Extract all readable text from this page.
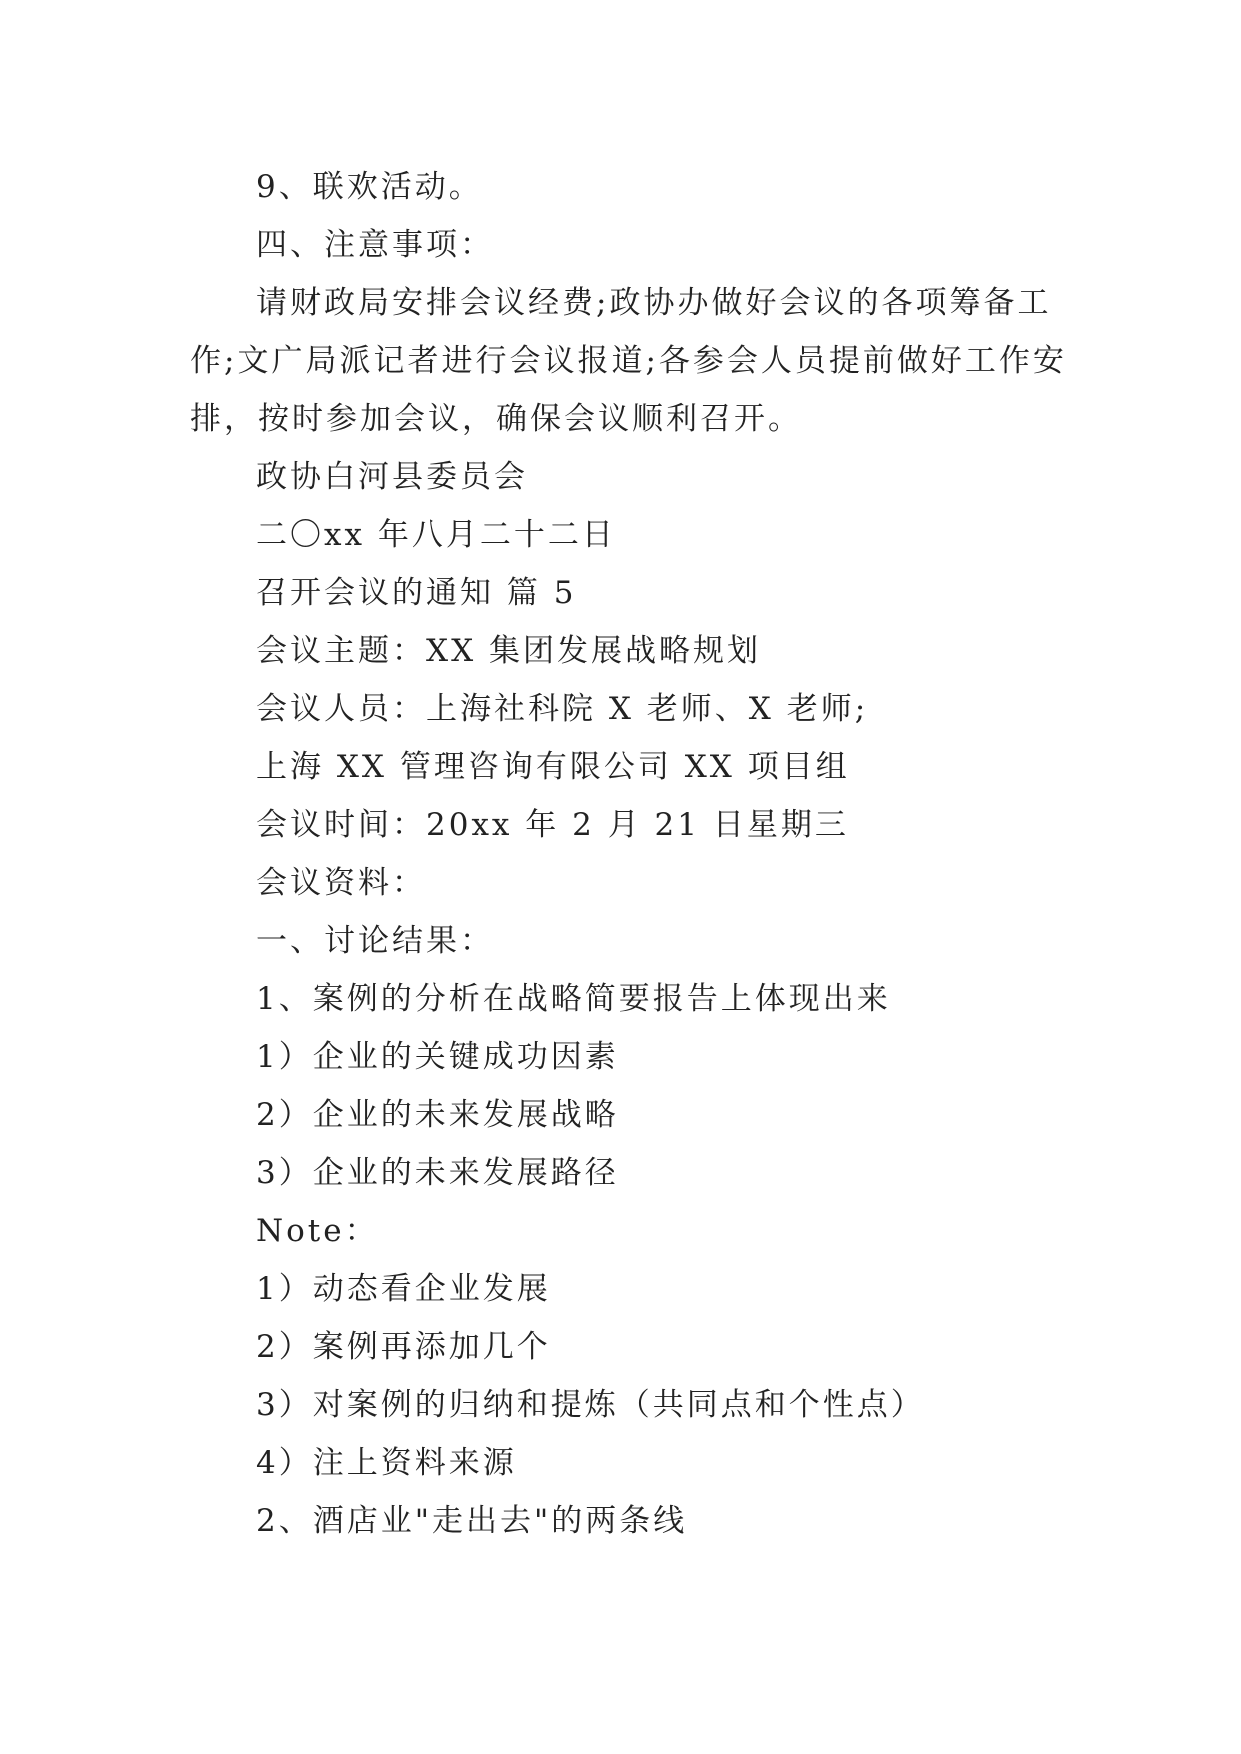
9、联欢活动。
四、注意事项：
请财政局安排会议经费;政协办做好会议的各项筹备工
作;文广局派记者进行会议报道;各参会人员提前做好工作安
排，按时参加会议，确保会议顺利召开。
政协白河县委员会
二〇xx 年八月二十二日
召开会议的通知 篇 5
会议主题：XX 集团发展战略规划
会议人员：上海社科院 X 老师、X 老师;
上海 XX 管理咨询有限公司 XX 项目组
会议时间：20xx 年 2 月 21 日星期三
会议资料：
一、讨论结果：
1、案例的分析在战略简要报告上体现出来
1）企业的关键成功因素
2）企业的未来发展战略
3）企业的未来发展路径
Note：
1）动态看企业发展
2）案例再添加几个
3）对案例的归纳和提炼（共同点和个性点）
4）注上资料来源
2、酒店业"走出去"的两条线
